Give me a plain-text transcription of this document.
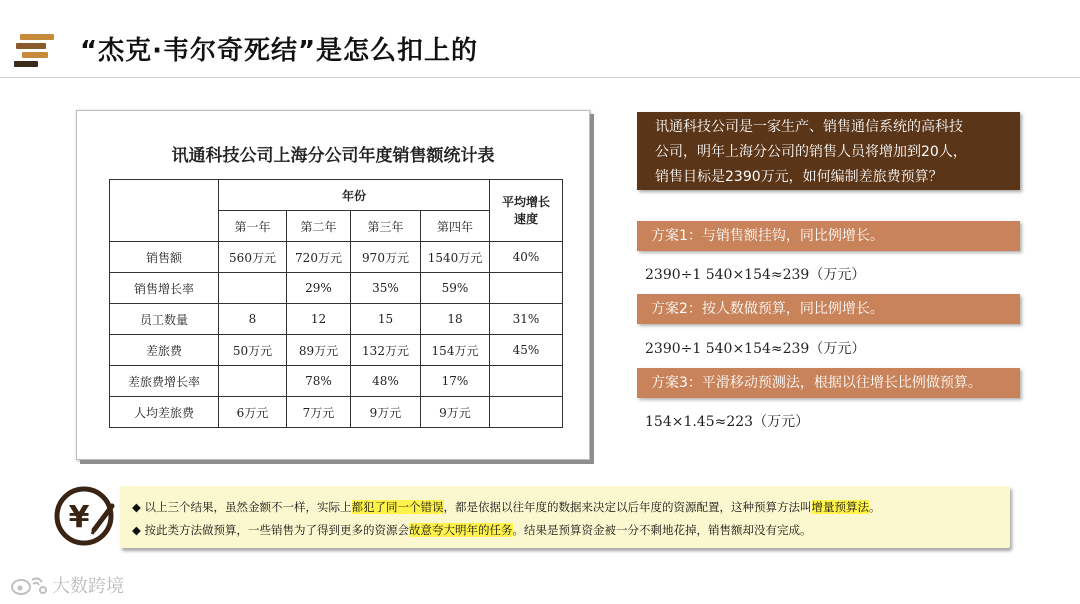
“杰克·韦尔奇死结”是怎么扣上的
讯通科技公司上海分公司年度销售额统计表
	年份				平均增长
速度
	第一年	第二年	第三年	第四年	
销售额	560万元	720万元	970万元	1540万元	40%
销售增长率		29%	35%	59%	
员工数量	8	12	15	18	31%
差旅费	50万元	89万元	132万元	154万元	45%
差旅费增长率		78%	48%	17%	
人均差旅费	6万元	7万元	9万元	9万元	
讯通科技公司是一家生产、销售通信系统的高科技
公司，明年上海分公司的销售人员将增加到20人，
销售目标是2390万元，如何编制差旅费预算？
方案1：与销售额挂钩，同比例增长。
2390÷1 540×154≈239（万元）
方案2：按人数做预算，同比例增长。
2390÷1 540×154≈239（万元）
方案3：平滑移动预测法，根据以往增长比例做预算。
154×1.45≈223（万元）
◆ 以上三个结果，虽然金额不一样，实际上都犯了同一个错误，都是依据以往年度的数据来决定以后年度的资源配置，这种预算方法叫增量预算法。
◆ 按此类方法做预算，一些销售为了得到更多的资源会故意夸大明年的任务。结果是预算资金被一分不剩地花掉，销售额却没有完成。
¥
大数跨境
